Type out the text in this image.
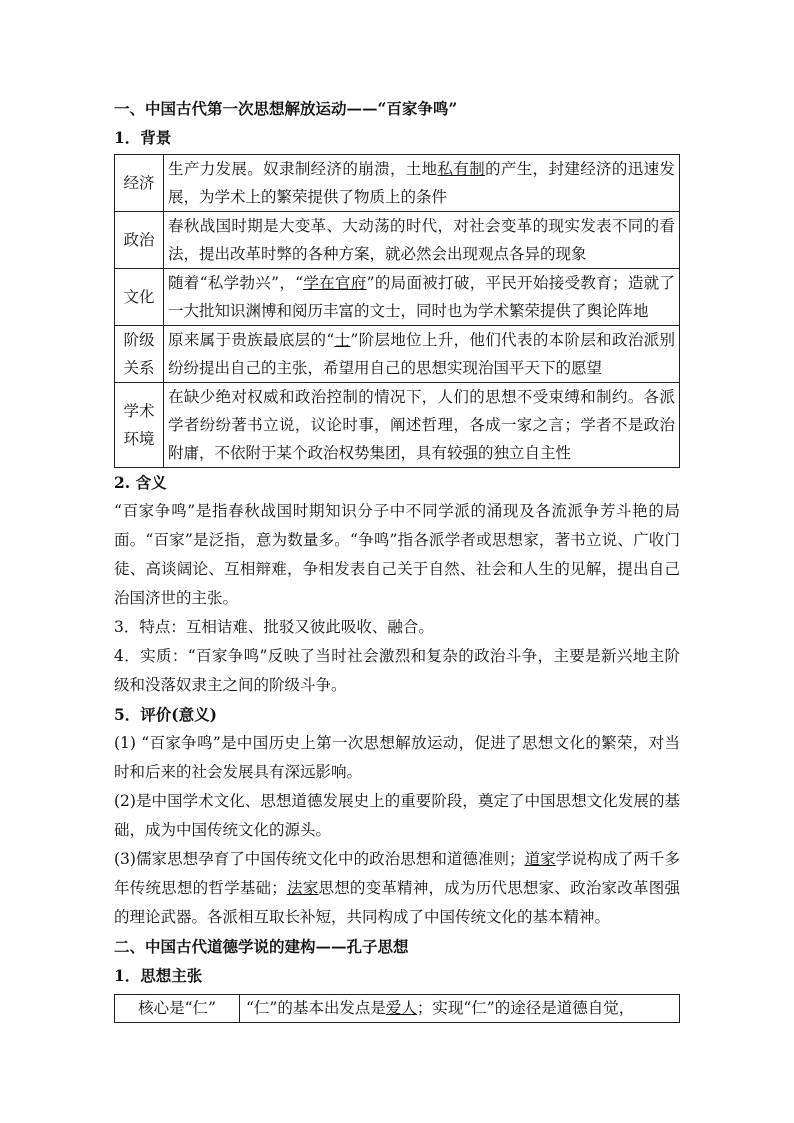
一、中国古代第一次思想解放运动——“百家争鸣”
1．背景
经济	生产力发展。奴隶制经济的崩溃，土地私有制的产生，封建经济的迅速发展，为学术上的繁荣提供了物质上的条件
政治	春秋战国时期是大变革、大动荡的时代，对社会变革的现实发表不同的看法，提出改革时弊的各种方案，就必然会出现观点各异的现象
文化	随着“私学勃兴”，“学在官府”的局面被打破，平民开始接受教育；造就了一大批知识渊博和阅历丰富的文士，同时也为学术繁荣提供了舆论阵地
阶级关系	原来属于贵族最底层的“士”阶层地位上升，他们代表的本阶层和政治派别纷纷提出自己的主张，希望用自己的思想实现治国平天下的愿望
学术环境	在缺少绝对权威和政治控制的情况下，人们的思想不受束缚和制约。各派学者纷纷著书立说，议论时事，阐述哲理，各成一家之言；学者不是政治附庸，不依附于某个政治权势集团，具有较强的独立自主性
2. 含义
“百家争鸣”是指春秋战国时期知识分子中不同学派的涌现及各流派争芳斗艳的局面。“百家”是泛指，意为数量多。“争鸣”指各派学者或思想家，著书立说、广收门徒、高谈阔论、互相辩难，争相发表自己关于自然、社会和人生的见解，提出自己治国济世的主张。
3．特点：互相诘难、批驳又彼此吸收、融合。
4．实质：“百家争鸣”反映了当时社会激烈和复杂的政治斗争，主要是新兴地主阶级和没落奴隶主之间的阶级斗争。
5．评价(意义)
(1) “百家争鸣”是中国历史上第一次思想解放运动，促进了思想文化的繁荣，对当时和后来的社会发展具有深远影响。
(2)是中国学术文化、思想道德发展史上的重要阶段，奠定了中国思想文化发展的基础，成为中国传统文化的源头。
(3)儒家思想孕育了中国传统文化中的政治思想和道德准则；道家学说构成了两千多年传统思想的哲学基础；法家思想的变革精神，成为历代思想家、政治家改革图强的理论武器。各派相互取长补短，共同构成了中国传统文化的基本精神。
二、中国古代道德学说的建构——孔子思想
1．思想主张
核心是“仁”	“仁”的基本出发点是爱人；实现“仁”的途径是道德自觉，
